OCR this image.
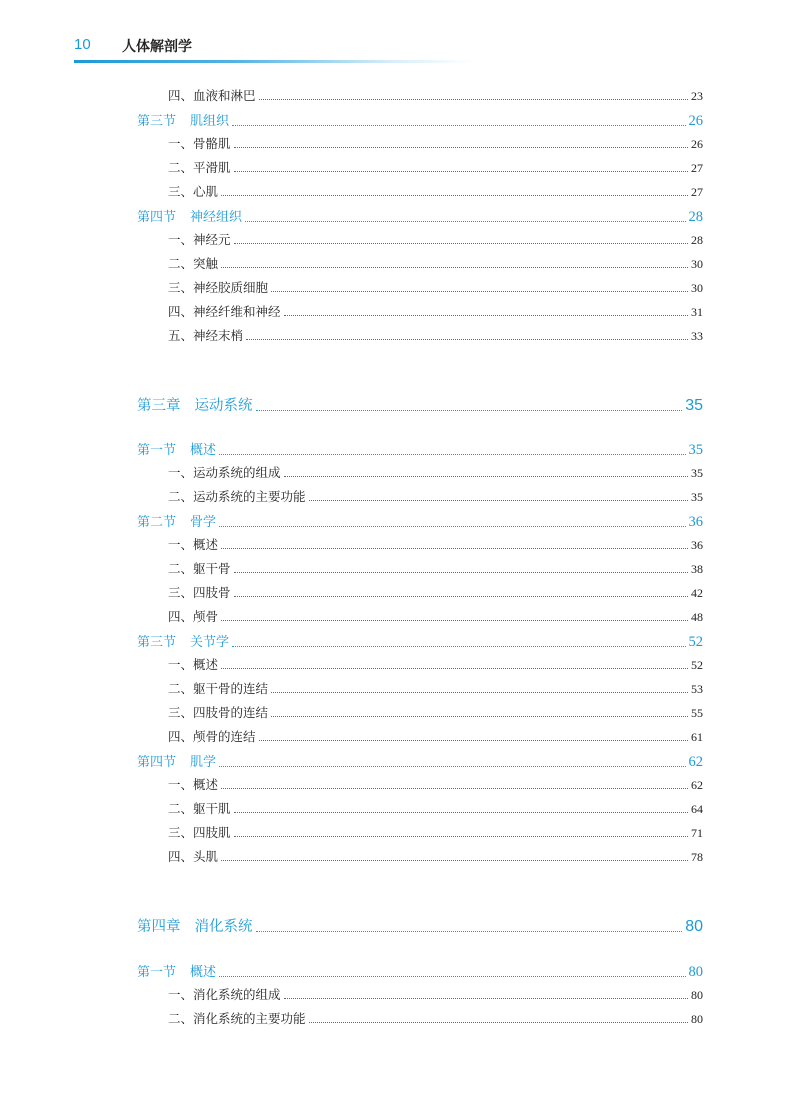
10 人体解剖学
四、血液和淋巴	23
第三节 肌组织	26
一、骨骼肌	26
二、平滑肌	27
三、心肌	27
第四节 神经组织	28
一、神经元	28
二、突触	30
三、神经胶质细胞	30
四、神经纤维和神经	31
五、神经末梢	33
第三章 运动系统	35
第一节 概述	35
一、运动系统的组成	35
二、运动系统的主要功能	35
第二节 骨学	36
一、概述	36
二、躯干骨	38
三、四肢骨	42
四、颅骨	48
第三节 关节学	52
一、概述	52
二、躯干骨的连结	53
三、四肢骨的连结	55
四、颅骨的连结	61
第四节 肌学	62
一、概述	62
二、躯干肌	64
三、四肢肌	71
四、头肌	78
第四章 消化系统	80
第一节 概述	80
一、消化系统的组成	80
二、消化系统的主要功能	80
